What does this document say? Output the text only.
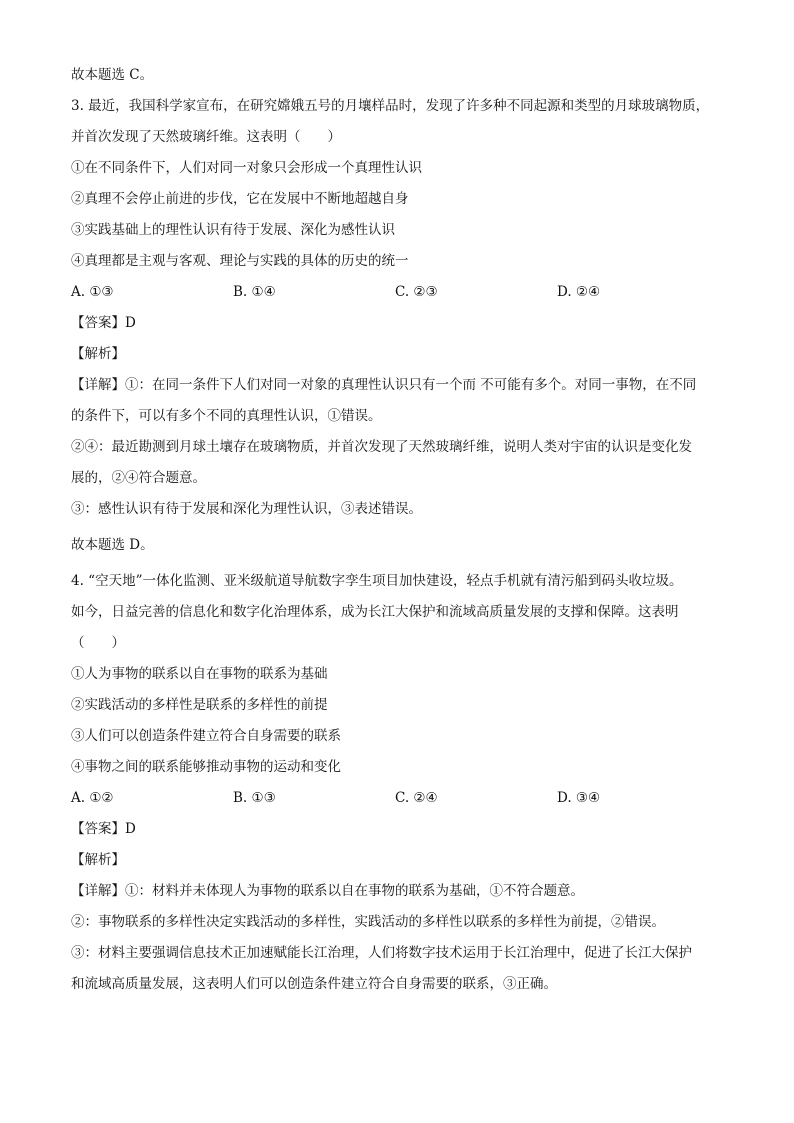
故本题选 C。

3. 最近，我国科学家宣布，在研究嫦娥五号的月壤样品时，发现了许多种不同起源和类型的月球玻璃物质，

并首次发现了天然玻璃纤维。这表明（　　）

①在不同条件下，人们对同一对象只会形成一个真理性认识

②真理不会停止前进的步伐，它在发展中不断地超越自身

③实践基础上的理性认识有待于发展、深化为感性认识

④真理都是主观与客观、理论与实践的具体的历史的统一

A. ①③	B. ①④	C. ②③	D. ②④

【答案】D

【解析】

【详解】①：在同一条件下人们对同一对象的真理性认识只有一个而 不可能有多个。对同一事物，在不同

的条件下，可以有多个不同的真理性认识，①错误。

②④：最近勘测到月球土壤存在玻璃物质，并首次发现了天然玻璃纤维，说明人类对宇宙的认识是变化发

展的，②④符合题意。

③：感性认识有待于发展和深化为理性认识，③表述错误。

故本题选 D。

4. “空天地”一体化监测、亚米级航道导航数字孪生项目加快建设，轻点手机就有清污船到码头收垃圾。

如今，日益完善的信息化和数字化治理体系，成为长江大保护和流域高质量发展的支撑和保障。这表明

（　　）

①人为事物的联系以自在事物的联系为基础

②实践活动的多样性是联系的多样性的前提

③人们可以创造条件建立符合自身需要的联系

④事物之间的联系能够推动事物的运动和变化

A. ①②	B. ①③	C. ②④	D. ③④

【答案】D

【解析】

【详解】①：材料并未体现人为事物的联系以自在事物的联系为基础，①不符合题意。

②：事物联系的多样性决定实践活动的多样性，实践活动的多样性以联系的多样性为前提，②错误。

③：材料主要强调信息技术正加速赋能长江治理，人们将数字技术运用于长江治理中，促进了长江大保护

和流域高质量发展，这表明人们可以创造条件建立符合自身需要的联系，③正确。
